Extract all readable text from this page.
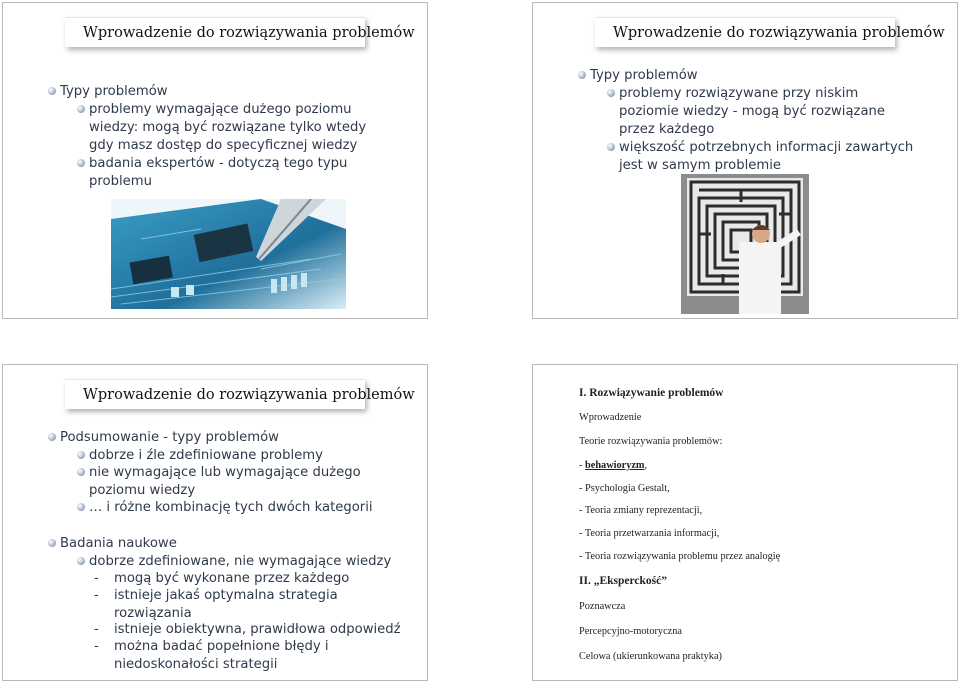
Wprowadzenie do rozwiązywania problemów
Typy problemów
problemy wymagające dużego poziomu
wiedzy: mogą być rozwiązane tylko wtedy
gdy masz dostęp do specyficznej wiedzy
badania ekspertów - dotyczą tego typu
problemu
Wprowadzenie do rozwiązywania problemów
Typy problemów
problemy rozwiązywane przy niskim
poziomie wiedzy - mogą być rozwiązane
przez każdego
większość potrzebnych informacji zawartych
jest w samym problemie
Wprowadzenie do rozwiązywania problemów
Podsumowanie - typy problemów
dobrze i źle zdefiniowane problemy
nie wymagające lub wymagające dużego
poziomu wiedzy
… i różne kombinację tych dwóch kategorii
Badania naukowe
dobrze zdefiniowane, nie wymagające wiedzy
- mogą być wykonane przez każdego
- istnieje jakaś optymalna strategia
rozwiązania
- istnieje obiektywna, prawidłowa odpowiedź
- można badać popełnione błędy i
niedoskonałości strategii
I. Rozwiązywanie problemów
Wprowadzenie
Teorie rozwiązywania problemów:
- behawioryzm,
- Psychologia Gestalt,
- Teoria zmiany reprezentacji,
- Teoria przetwarzania informacji,
- Teoria rozwiązywania problemu przez analogię
II. „Eksperckość”
Poznawcza
Percepcyjno-motoryczna
Celowa (ukierunkowana praktyka)
